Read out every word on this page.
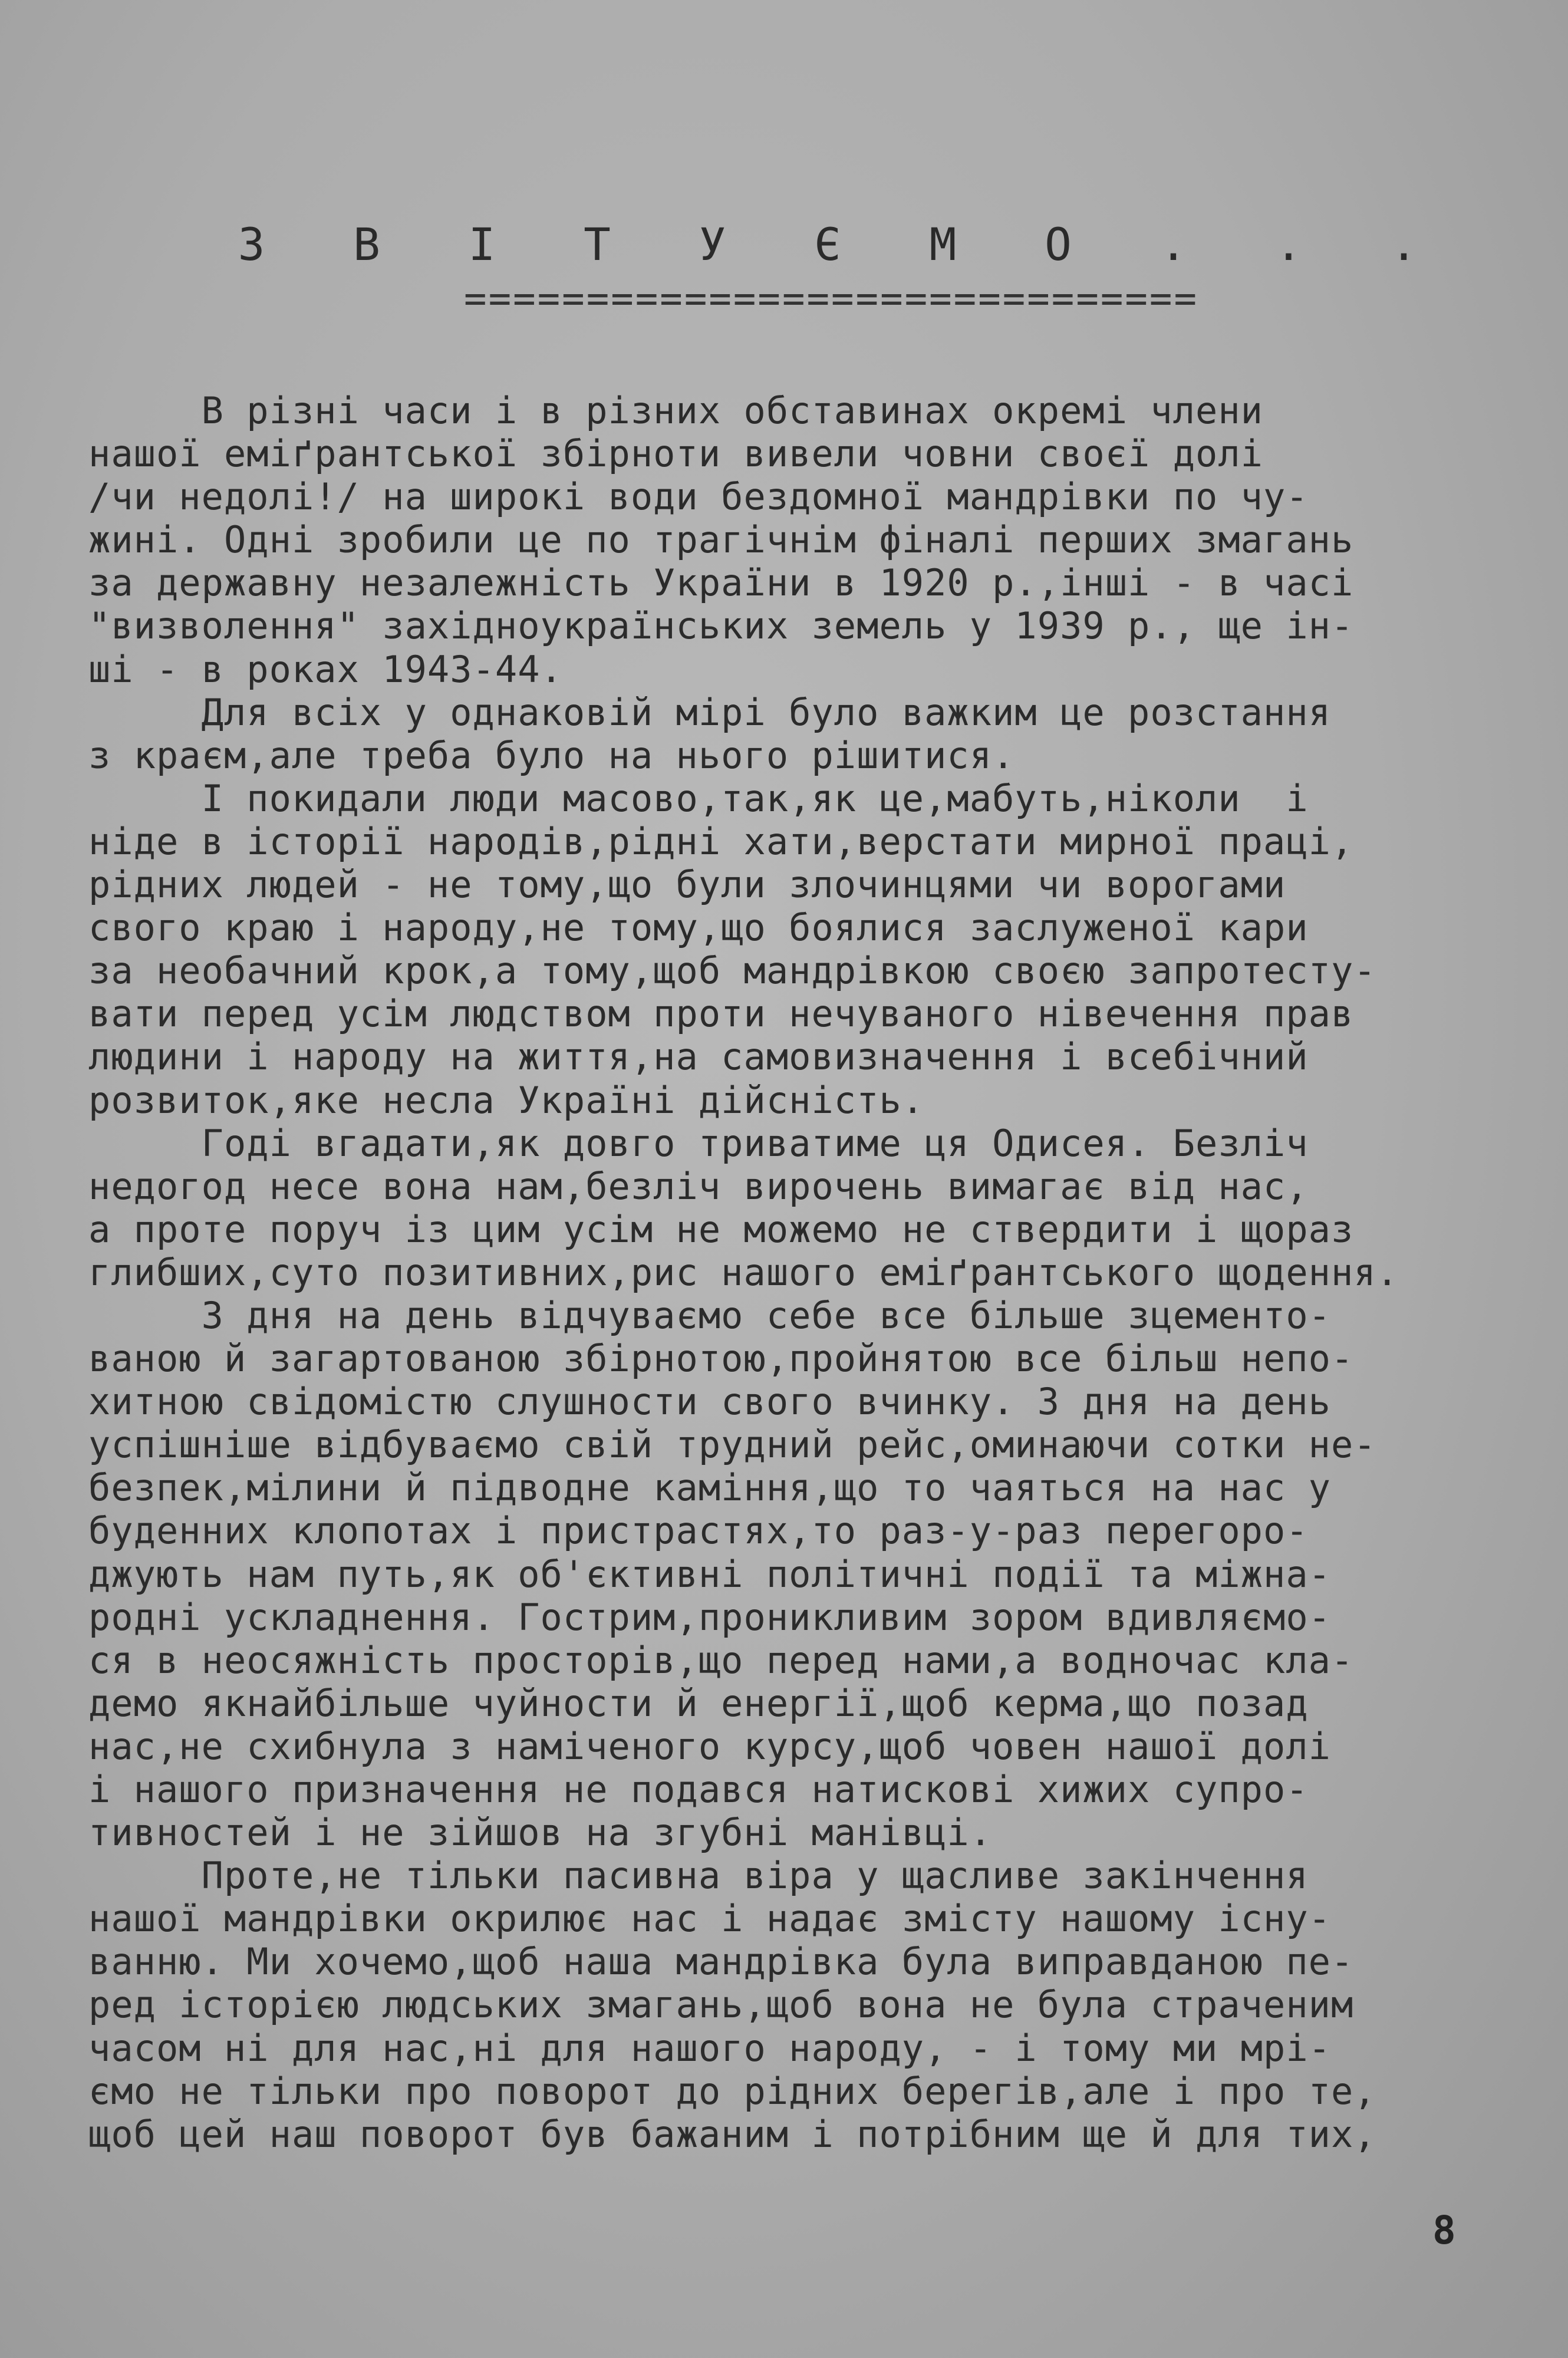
З В І Т У Є М О . . .
==============================
В різні часи і в різних обставинах окремі члени
нашої еміґрантської збірноти вивели човни своєї долі
/чи недолі!/ на широкі води бездомної мандрівки по чу-
жині. Одні зробили це по трагічнім фіналі перших змагань
за державну незалежність України в 1920 р.,інші - в часі
"визволення" західноукраїнських земель у 1939 р., ще ін-
ші - в роках 1943-44.
Для всіх у однаковій мірі було важким це розстання
з краєм,але треба було на нього рішитися.
І покидали люди масово,так,як це,мабуть,ніколи  і
ніде в історії народів,рідні хати,верстати мирної праці,
рідних людей - не тому,що були злочинцями чи ворогами
свого краю і народу,не тому,що боялися заслуженої кари
за необачний крок,а тому,щоб мандрівкою своєю запротесту-
вати перед усім людством проти нечуваного нівечення прав
людини і народу на життя,на самовизначення і всебічний
розвиток,яке несла Україні дійсність.
Годі вгадати,як довго триватиме ця Одисея. Безліч
недогод несе вона нам,безліч вирочень вимагає від нас,
а проте поруч із цим усім не можемо не ствердити і щораз
глибших,суто позитивних,рис нашого еміґрантського щодення.
З дня на день відчуваємо себе все більше зцементо-
ваною й загартованою збірнотою,пройнятою все більш непо-
хитною свідомістю слушности свого вчинку. З дня на день
успішніше відбуваємо свій трудний рейс,оминаючи сотки не-
безпек,мілини й підводне каміння,що то чаяться на нас у
буденних клопотах і пристрастях,то раз-у-раз перегоро-
джують нам путь,як об'єктивні політичні події та міжна-
родні ускладнення. Гострим,проникливим зором вдивляємо-
ся в неосяжність просторів,що перед нами,а водночас кла-
демо якнайбільше чуйности й енергії,щоб керма,що позад
нас,не схибнула з наміченого курсу,щоб човен нашої долі
і нашого призначення не подався натискові хижих супро-
тивностей і не зійшов на згубні манівці.
Проте,не тільки пасивна віра у щасливе закінчення
нашої мандрівки окрилює нас і надає змісту нашому існу-
ванню. Ми хочемо,щоб наша мандрівка була виправданою пе-
ред історією людських змагань,щоб вона не була страченим
часом ні для нас,ні для нашого народу, - і тому ми мрі-
ємо не тільки про поворот до рідних берегів,але і про те,
щоб цей наш поворот був бажаним і потрібним ще й для тих,
8
